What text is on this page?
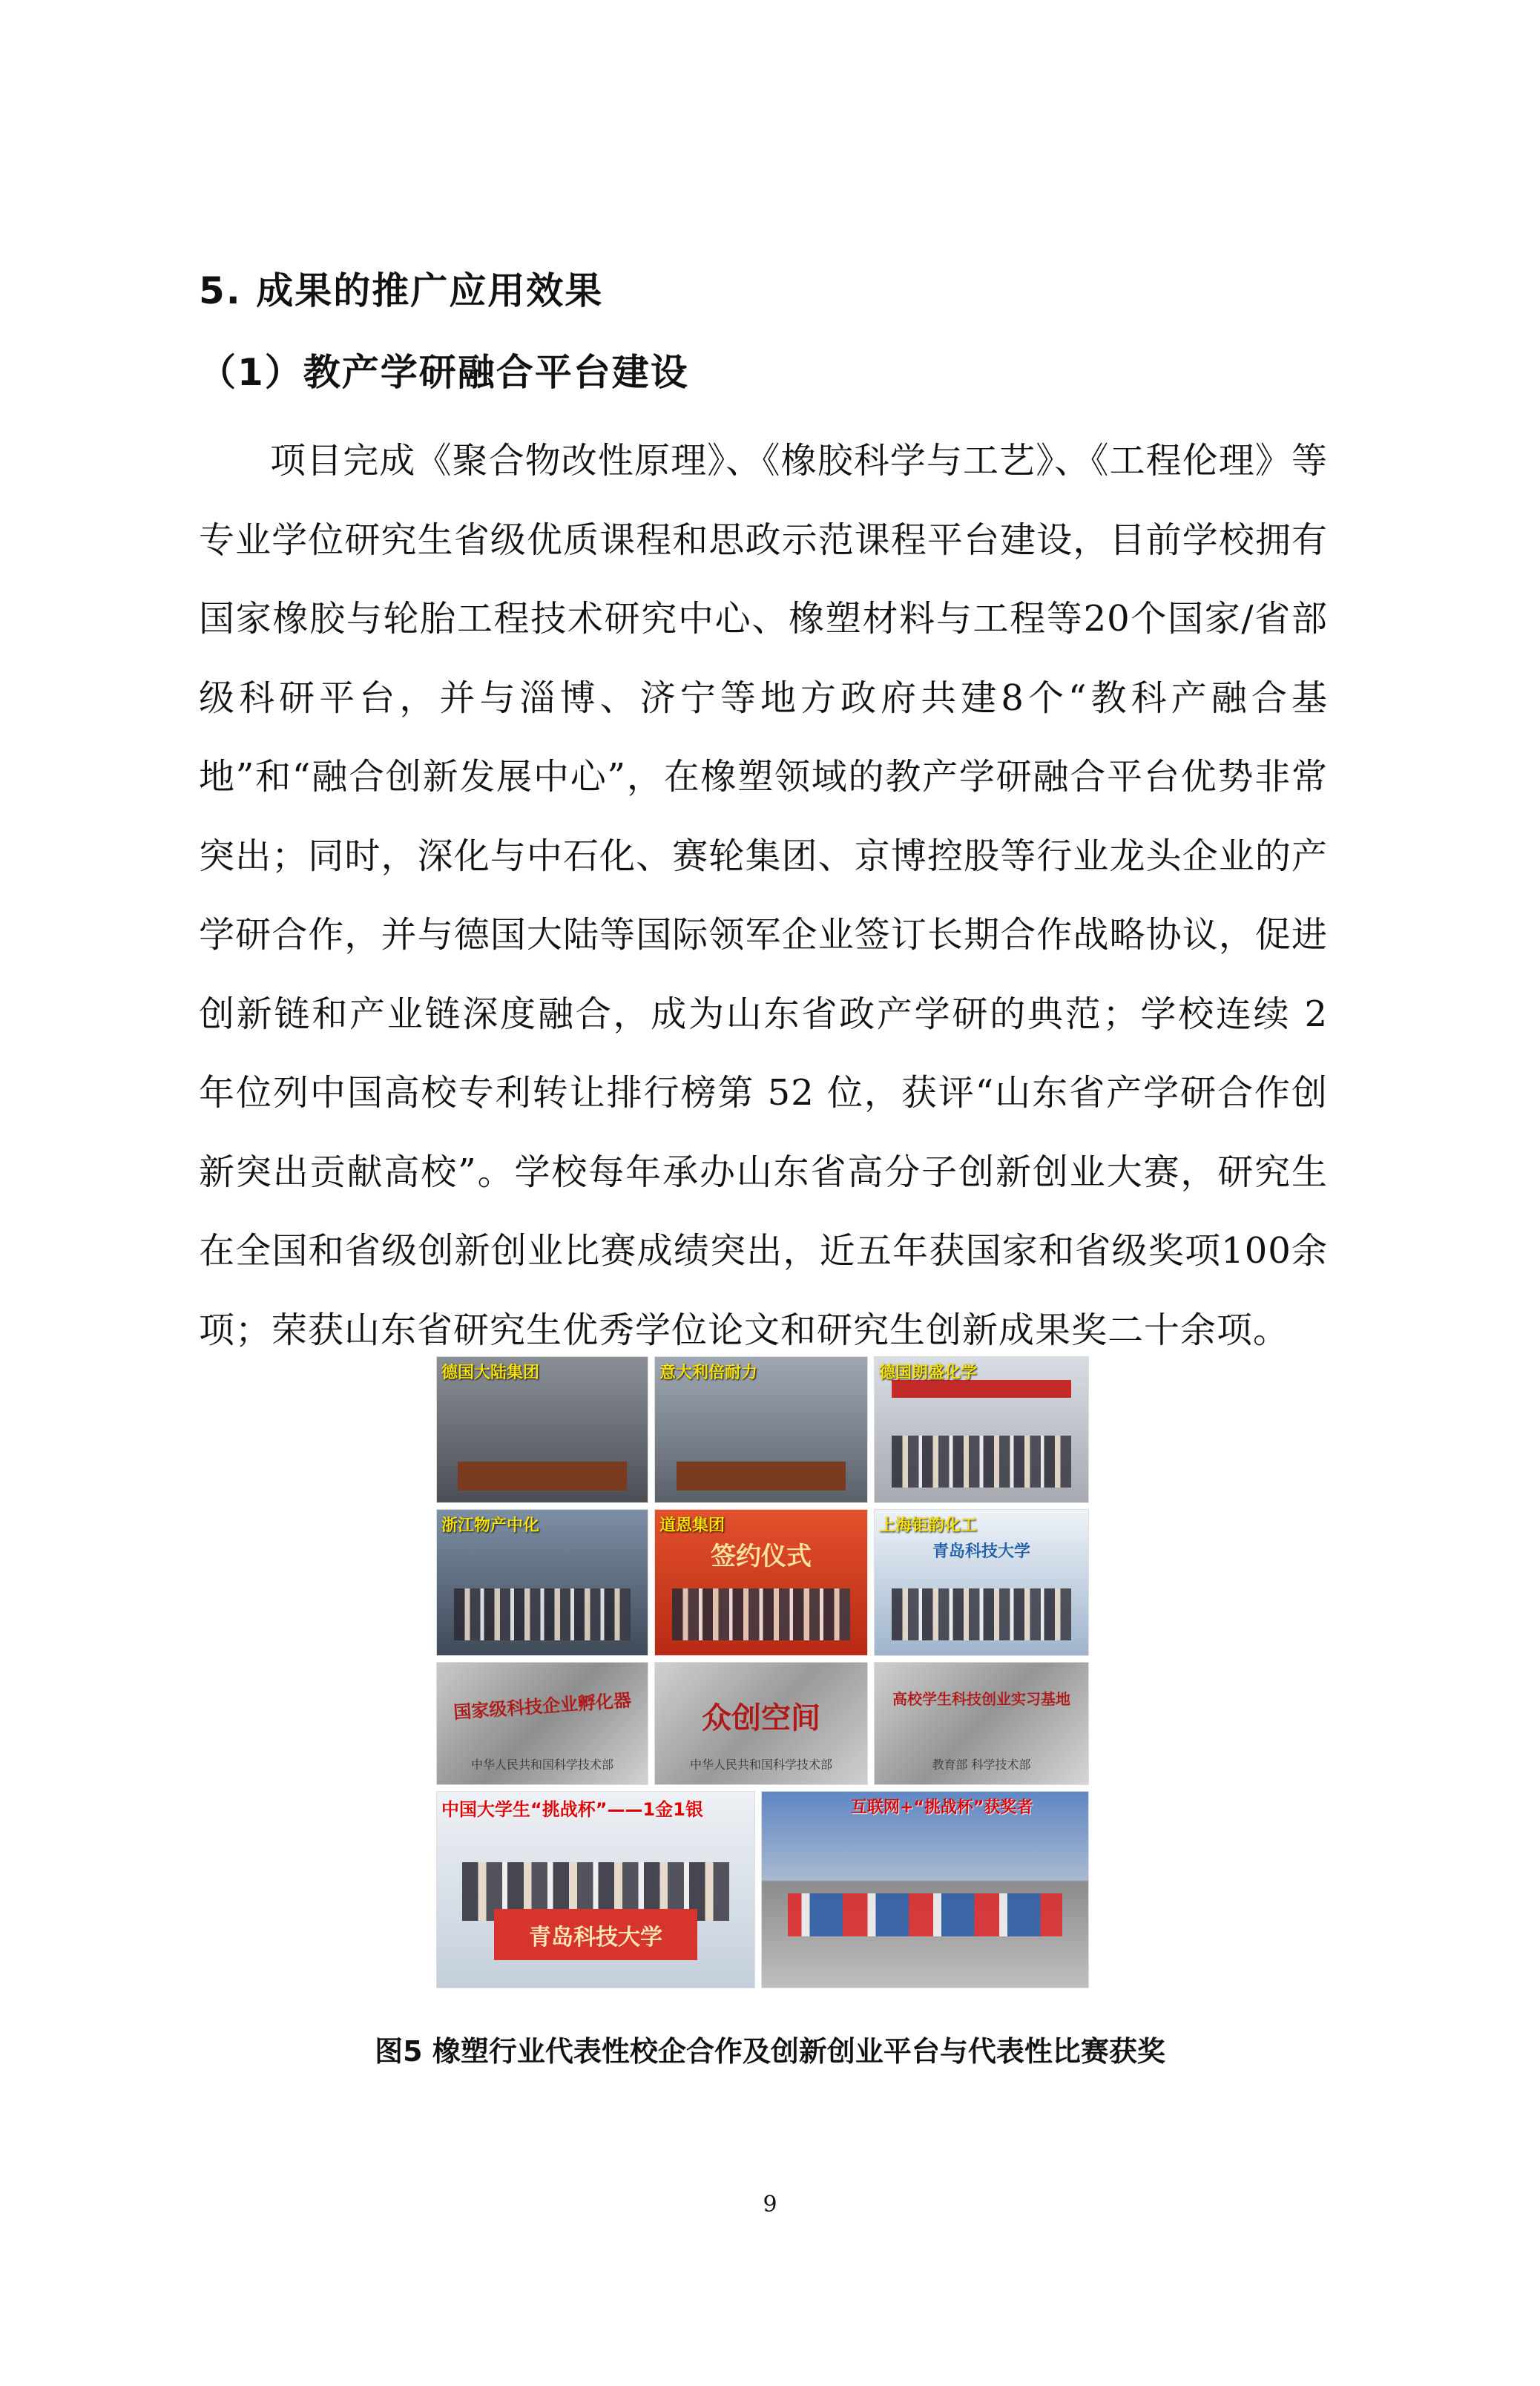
5. 成果的推广应用效果
（1）教产学研融合平台建设

项目完成《聚合物改性原理》、《橡胶科学与工艺》、《工程伦理》等专业学位研究生省级优质课程和思政示范课程平台建设，目前学校拥有国家橡胶与轮胎工程技术研究中心、橡塑材料与工程等20个国家/省部级科研平台，并与淄博、济宁等地方政府共建8个“教科产融合基地”和“融合创新发展中心”，在橡塑领域的教产学研融合平台优势非常突出；同时，深化与中石化、赛轮集团、京博控股等行业龙头企业的产学研合作，并与德国大陆等国际领军企业签订长期合作战略协议，促进创新链和产业链深度融合，成为山东省政产学研的典范；学校连续 2 年位列中国高校专利转让排行榜第 52 位，获评“山东省产学研合作创新突出贡献高校”。学校每年承办山东省高分子创新创业大赛，研究生在全国和省级创新创业比赛成绩突出，近五年获国家和省级奖项100余项；荣获山东省研究生优秀学位论文和研究生创新成果奖二十余项。

德国大陆集团	意大利倍耐力	德国朗盛化学
浙江物产中化
签约仪式
道恩集团
青岛科技大学
上海钜韵化工
国家级科技企业孵化器
中华人民共和国科学技术部
众创空间
中华人民共和国科学技术部
高校学生科技创业实习基地
教育部 科学技术部
青岛科技大学
中国大学生“挑战杯”——1金1银	互联网+“挑战杯”获奖者
图5 橡塑行业代表性校企合作及创新创业平台与代表性比赛获奖
9
